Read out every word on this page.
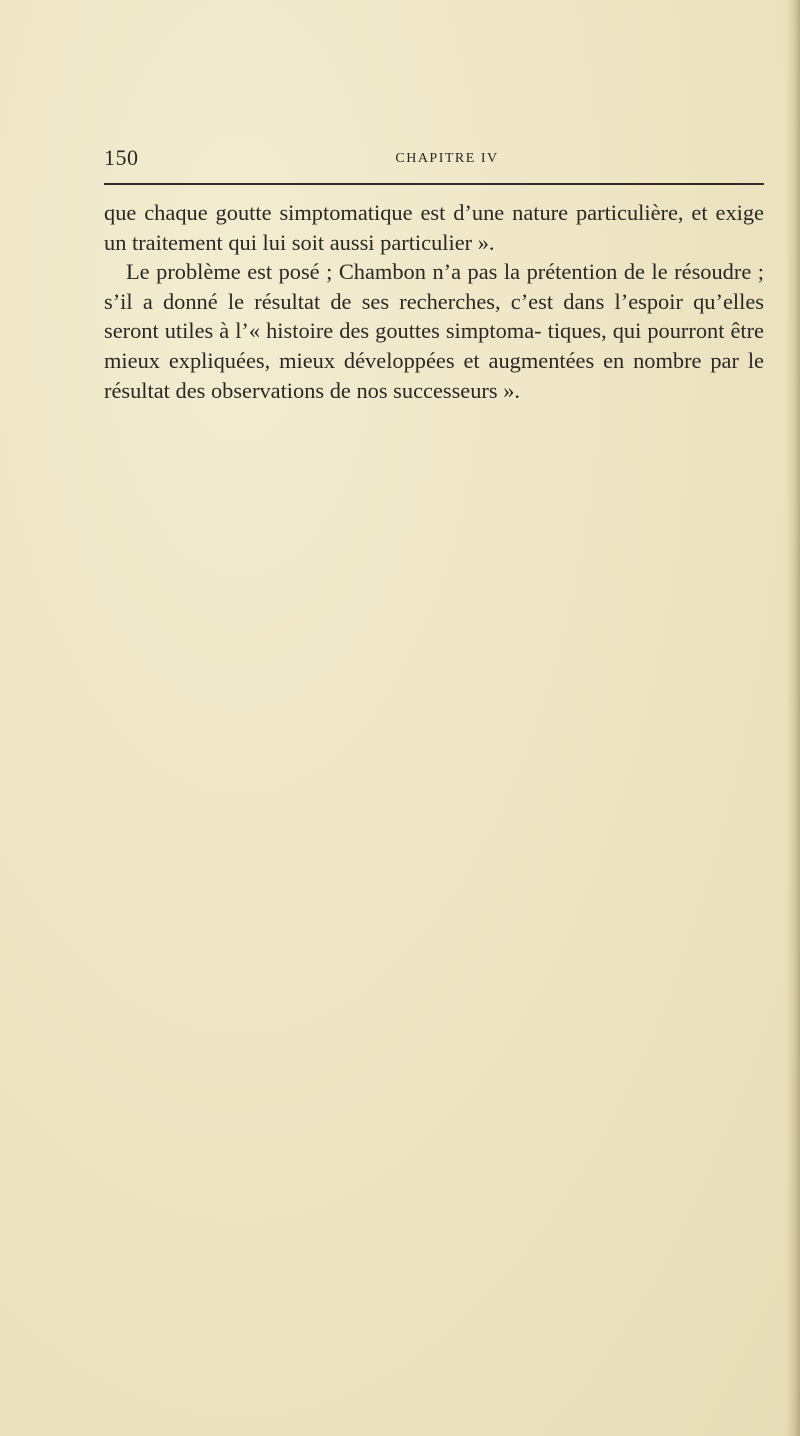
150	CHAPITRE IV

que chaque goutte simptomatique est d’une nature particulière, et exige un traitement qui lui soit aussi particulier ».

Le problème est posé ; Chambon n’a pas la prétention de le résoudre ; s’il a donné le résultat de ses recherches, c’est dans l’espoir qu’elles seront utiles à l’« histoire des gouttes simptoma- tiques, qui pourront être mieux expliquées, mieux développées et augmentées en nombre par le résultat des observations de nos successeurs ».
